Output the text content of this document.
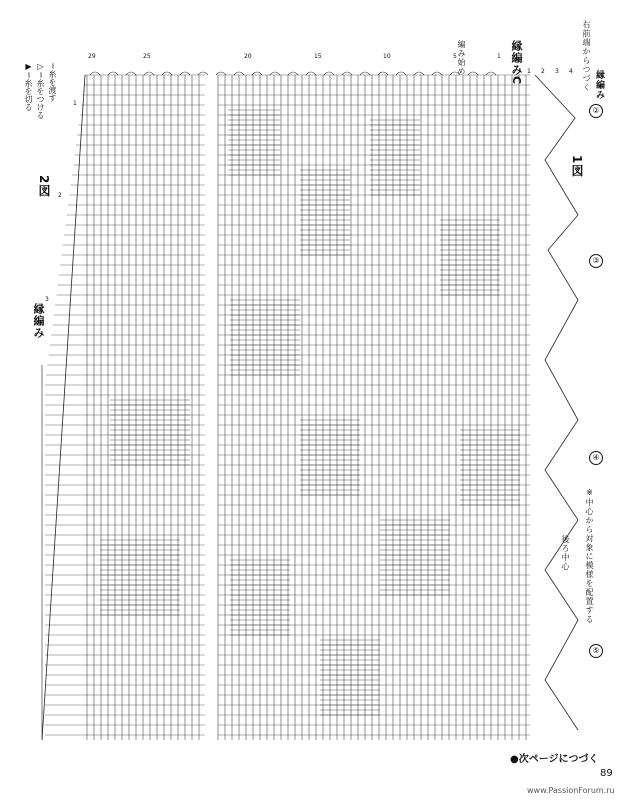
＝糸を渡す
▷＝糸をつける
▶＝糸を切る
2図
1図
縁編み
縁編み
縁編みC
編み始め	右前端からつづく
後ろ中心 ※中心から対象に模様を配置する
29	25	20	15	10	5	1
1
2
3
1 2 3 4
②
③
④
⑤
●次ページにつづく
89
www.PassionForum.ru
